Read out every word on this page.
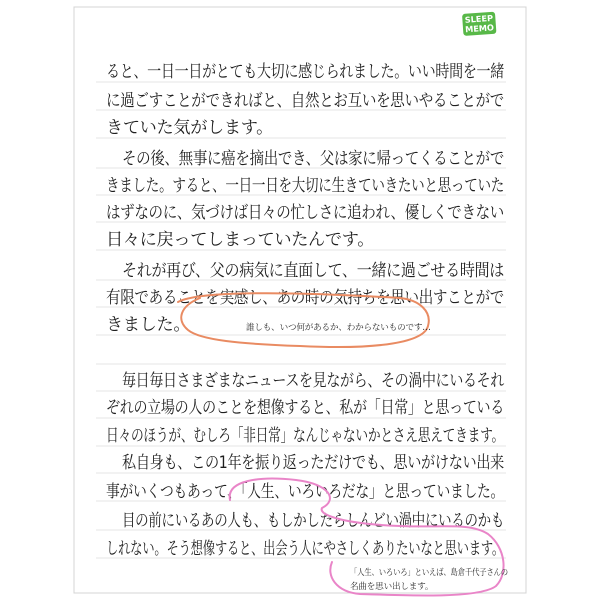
SLEEP
MEMO
ると、一日一日がとても大切に感じられました。いい時間を一緒
に過ごすことができればと、自然とお互いを思いやることがで
きていた気がします。
その後、無事に癌を摘出でき、父は家に帰ってくることがで
きました。すると、一日一日を大切に生きていきたいと思っていた
はずなのに、気づけば日々の忙しさに追われ、優しくできない
日々に戻ってしまっていたんです。
それが再び、父の病気に直面して、一緒に過ごせる時間は
有限であることを実感し、あの時の気持ちを思い出すことがで
きました。	誰しも、いつ何があるか、わからないものです…
毎日毎日さまざまなニュースを見ながら、その渦中にいるそれ
ぞれの立場の人のことを想像すると、私が「日常」と思っている
日々のほうが、むしろ「非日常」なんじゃないかとさえ思えてきます。
私自身も、この1年を振り返っただけでも、思いがけない出来
事がいくつもあって、「人生、いろいろだな」と思っていました。
目の前にいるあの人も、もしかしたらしんどい渦中にいるのかも
しれない。そう想像すると、出会う人にやさしくありたいなと思います。
「人生、いろいろ」といえば、島倉千代子さんの
名曲を思い出します。
